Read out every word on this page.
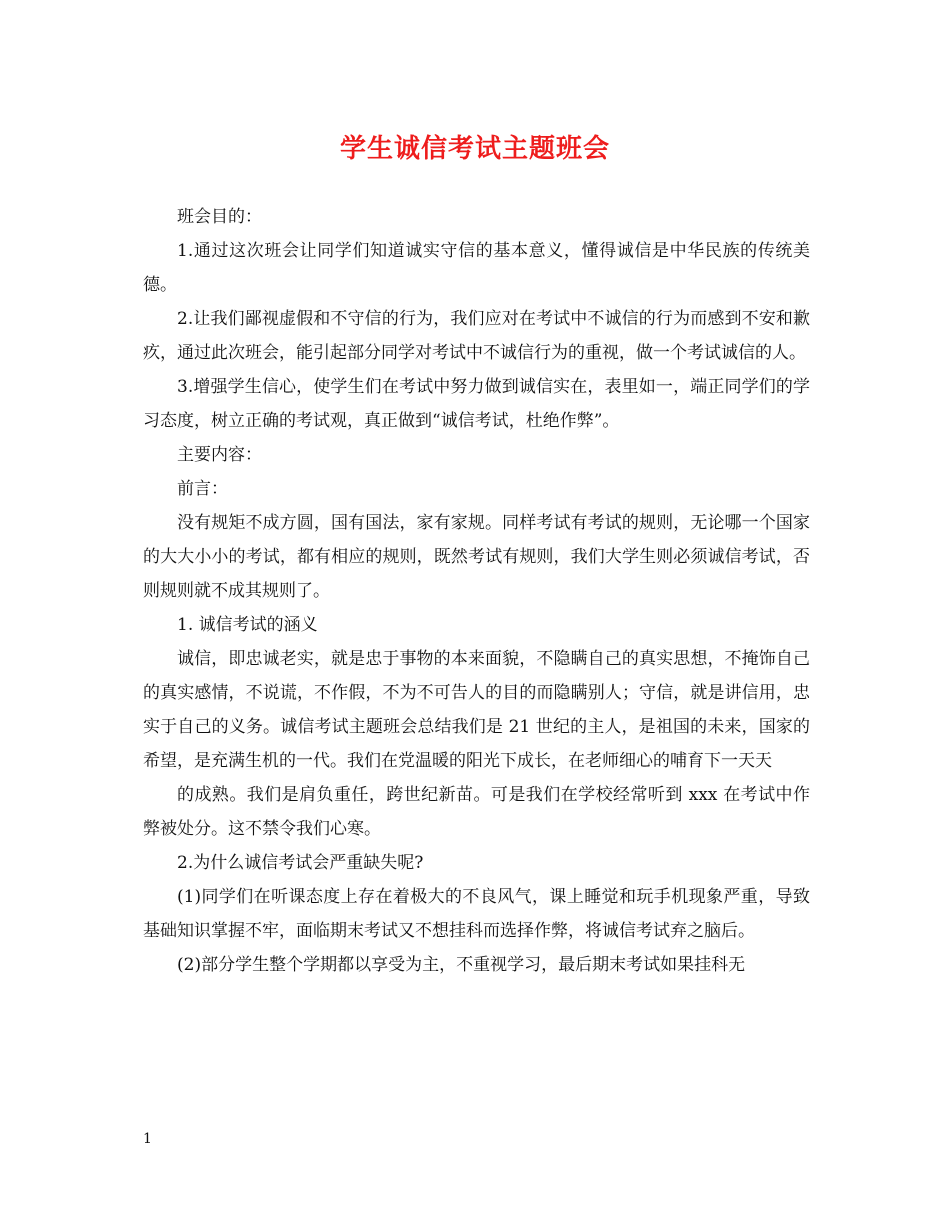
学生诚信考试主题班会

班会目的：

1.通过这次班会让同学们知道诚实守信的基本意义，懂得诚信是中华民族的传统美德。

2.让我们鄙视虚假和不守信的行为，我们应对在考试中不诚信的行为而感到不安和歉疚，通过此次班会，能引起部分同学对考试中不诚信行为的重视，做一个考试诚信的人。

3.增强学生信心，使学生们在考试中努力做到诚信实在，表里如一，端正同学们的学习态度，树立正确的考试观，真正做到“诚信考试，杜绝作弊”。

主要内容：

前言：

没有规矩不成方圆，国有国法，家有家规。同样考试有考试的规则，无论哪一个国家的大大小小的考试，都有相应的规则，既然考试有规则，我们大学生则必须诚信考试，否则规则就不成其规则了。

1. 诚信考试的涵义

诚信，即忠诚老实，就是忠于事物的本来面貌，不隐瞒自己的真实思想，不掩饰自己的真实感情，不说谎，不作假，不为不可告人的目的而隐瞒别人；守信，就是讲信用，忠实于自己的义务。诚信考试主题班会总结我们是 21 世纪的主人，是祖国的未来，国家的希望，是充满生机的一代。我们在党温暖的阳光下成长，在老师细心的哺育下一天天

的成熟。我们是肩负重任，跨世纪新苗。可是我们在学校经常听到 xxx 在考试中作弊被处分。这不禁令我们心寒。

2.为什么诚信考试会严重缺失呢?

(1)同学们在听课态度上存在着极大的不良风气，课上睡觉和玩手机现象严重，导致基础知识掌握不牢，面临期末考试又不想挂科而选择作弊，将诚信考试弃之脑后。

(2)部分学生整个学期都以享受为主，不重视学习，最后期末考试如果挂科无

1
